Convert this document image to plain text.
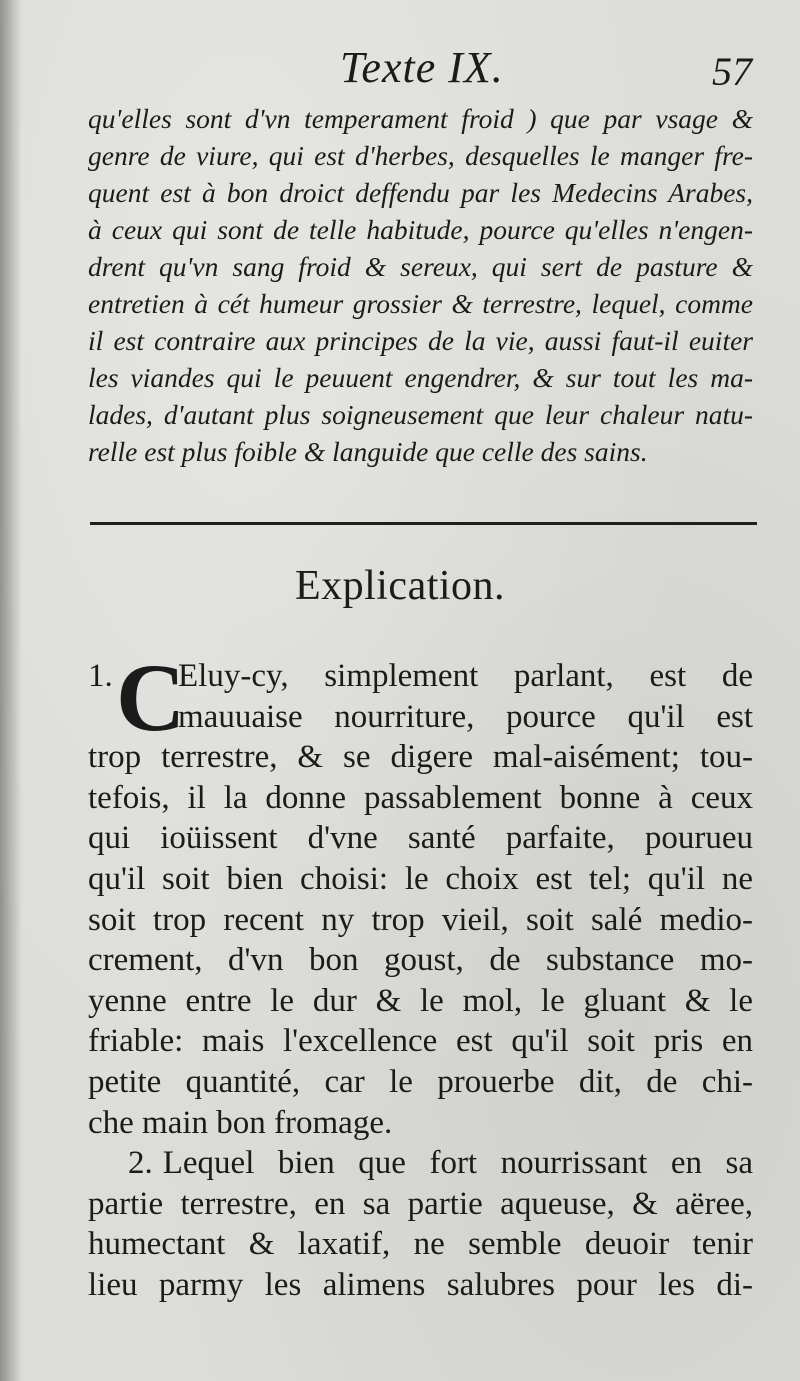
Texte IX.	57
qu'elles sont d'vn temperament froid ) que par vsage &
genre de viure, qui est d'herbes, desquelles le manger fre-
quent est à bon droict deffendu par les Medecins Arabes,
à ceux qui sont de telle habitude, pource qu'elles n'engen-
drent qu'vn sang froid & sereux, qui sert de pasture &
entretien à cét humeur grossier & terrestre, lequel, comme
il est contraire aux principes de la vie, aussi faut-il euiter
les viandes qui le peuuent engendrer, & sur tout les ma-
lades, d'autant plus soigneusement que leur chaleur natu-
relle est plus foible & languide que celle des sains.
Explication.
1. C
Eluy-cy, simplement parlant, est de
mauuaise nourriture, pource qu'il est
trop terrestre, & se digere mal-aisément; tou-
tefois, il la donne passablement bonne à ceux
qui ioüissent d'vne santé parfaite, pourueu
qu'il soit bien choisi: le choix est tel; qu'il ne
soit trop recent ny trop vieil, soit salé medio-
crement, d'vn bon goust, de substance mo-
yenne entre le dur & le mol, le gluant & le
friable: mais l'excellence est qu'il soit pris en
petite quantité, car le prouerbe dit, de chi-
che main bon fromage.
2. Lequel bien que fort nourrissant en sa
partie terrestre, en sa partie aqueuse, & aëree,
humectant & laxatif, ne semble deuoir tenir
lieu parmy les alimens salubres pour les di-
